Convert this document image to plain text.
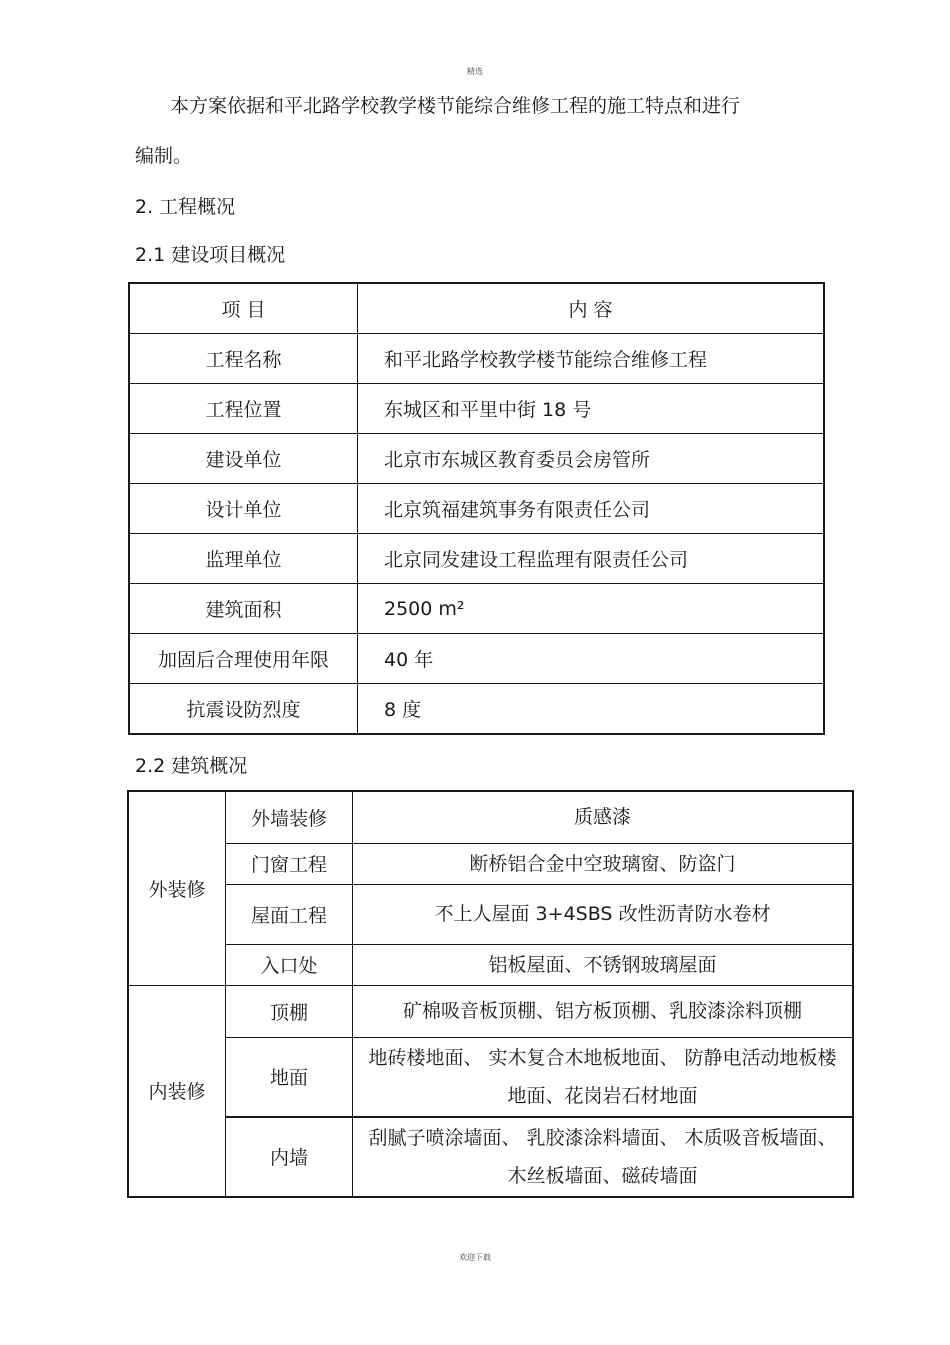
精选
本方案依据和平北路学校教学楼节能综合维修工程的施工特点和进行
编制。
2. 工程概况
2.1 建设项目概况
项 目	内 容
工程名称	和平北路学校教学楼节能综合维修工程
工程位置	东城区和平里中街 18 号
建设单位	北京市东城区教育委员会房管所
设计单位	北京筑福建筑事务有限责任公司
监理单位	北京同发建设工程监理有限责任公司
建筑面积	2500 m²
加固后合理使用年限	40 年
抗震设防烈度	8 度
2.2 建筑概况
外装修	外墙装修	质感漆
	门窗工程	断桥铝合金中空玻璃窗、防盗门
	屋面工程	不上人屋面 3+4SBS 改性沥青防水卷材
	入口处	铝板屋面、不锈钢玻璃屋面
内装修	顶棚	矿棉吸音板顶棚、铝方板顶棚、乳胶漆涂料顶棚
	地面	地砖楼地面、 实木复合木地板地面、 防静电活动地板楼地面、花岗岩石材地面
	内墙	刮腻子喷涂墙面、 乳胶漆涂料墙面、 木质吸音板墙面、木丝板墙面、磁砖墙面
欢迎下载
